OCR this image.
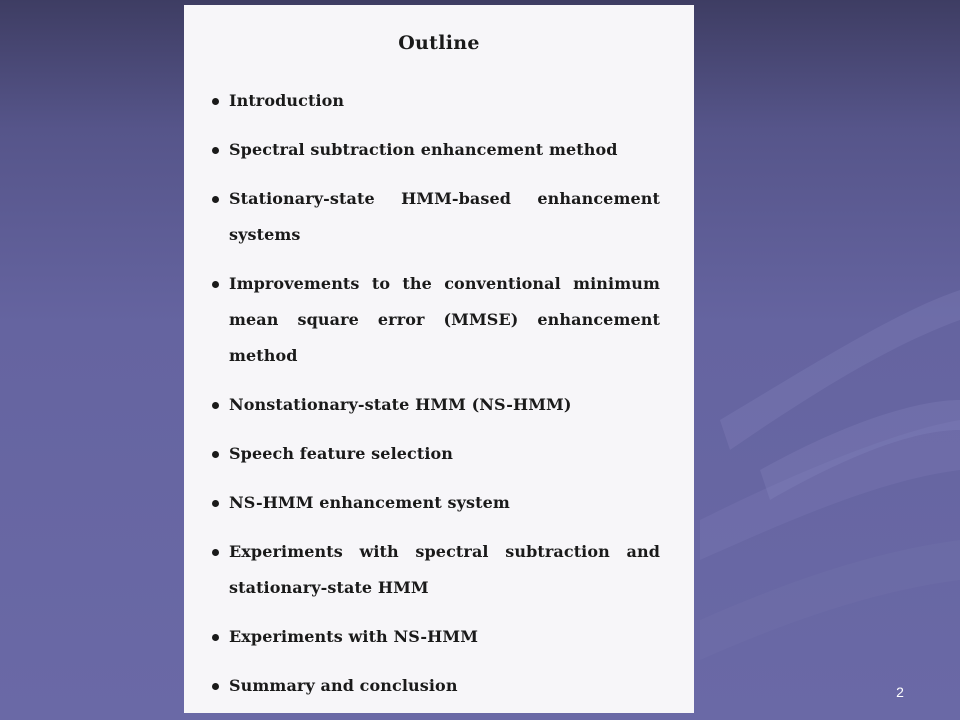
Outline
Introduction
Spectral subtraction enhancement method
Stationary-state HMM-based enhancement systems
Improvements to the conventional minimum mean square error (MMSE) enhancement method
Nonstationary-state HMM (NS-HMM)
Speech feature selection
NS-HMM enhancement system
Experiments with spectral subtraction and stationary-state HMM
Experiments with NS-HMM
Summary and conclusion	2
